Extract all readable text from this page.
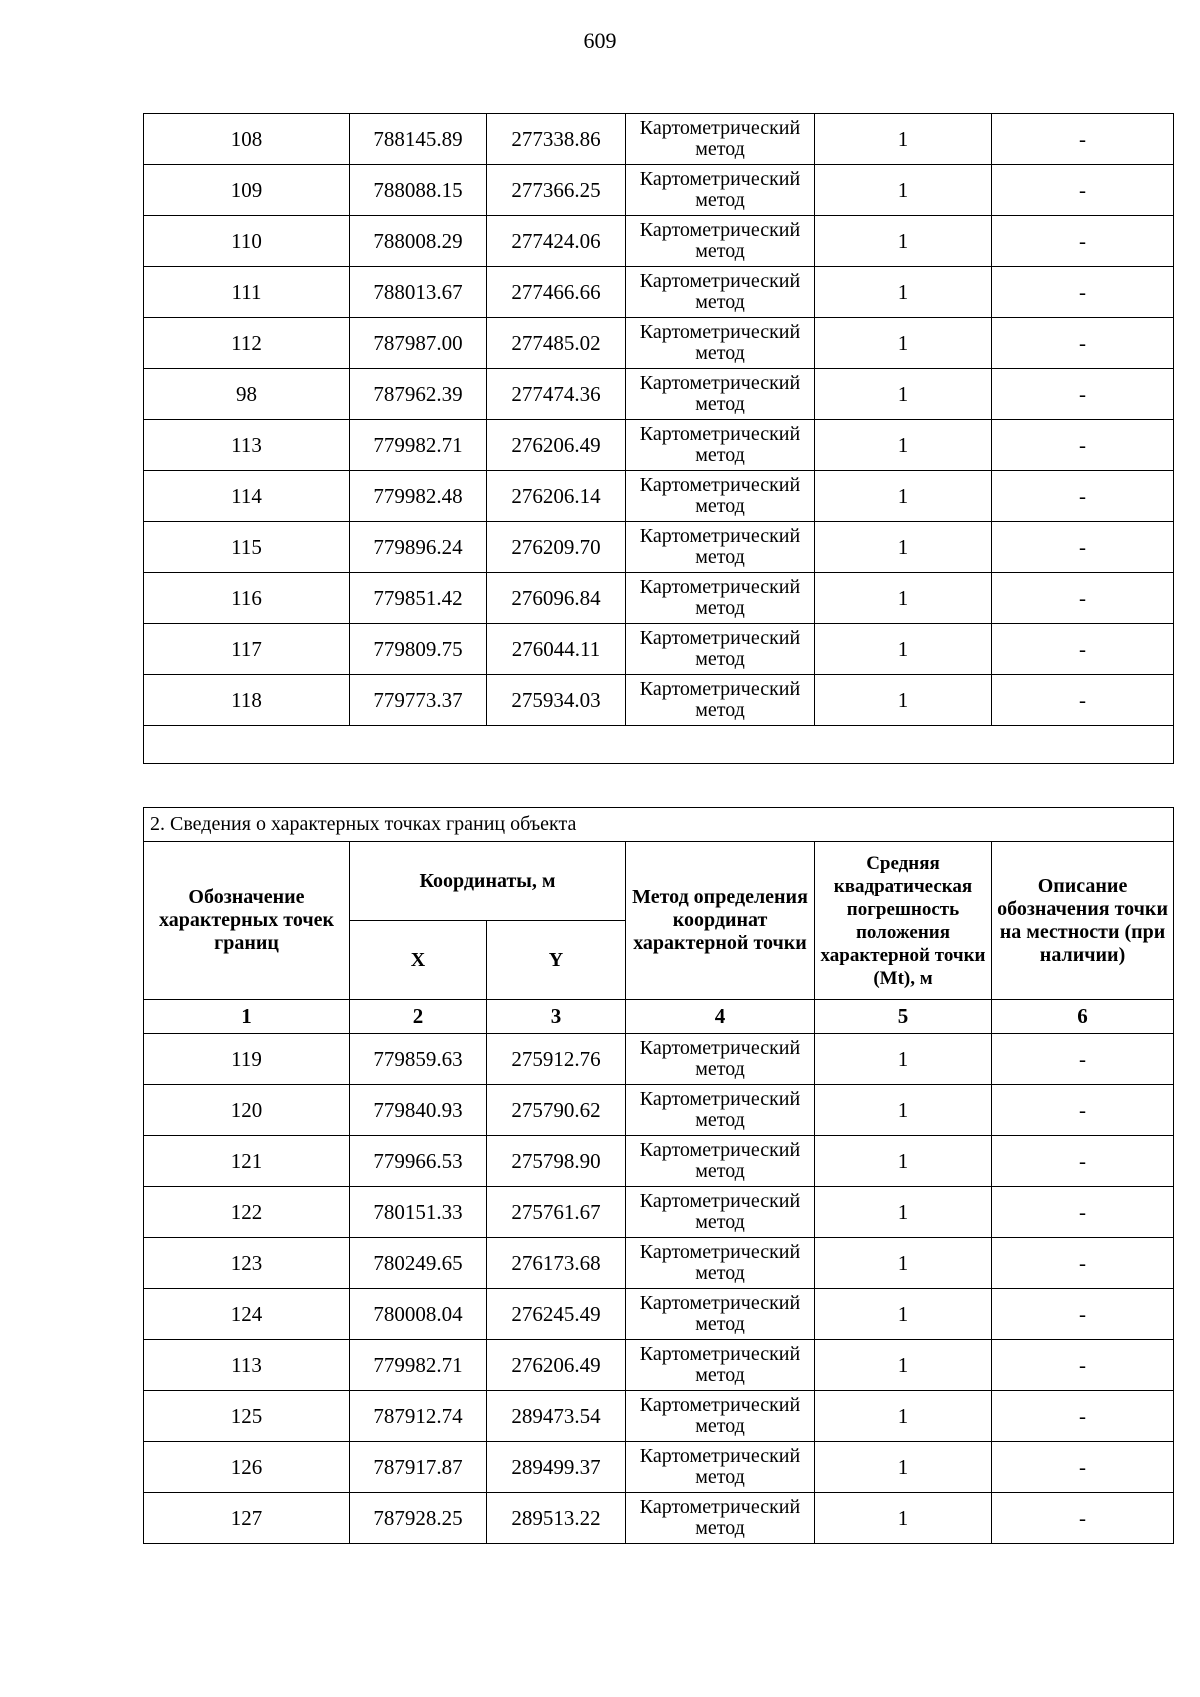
609
108	788145.89	277338.86	Картометрический метод	1	-
109	788088.15	277366.25	Картометрический метод	1	-
110	788008.29	277424.06	Картометрический метод	1	-
111	788013.67	277466.66	Картометрический метод	1	-
112	787987.00	277485.02	Картометрический метод	1	-
98	787962.39	277474.36	Картометрический метод	1	-
113	779982.71	276206.49	Картометрический метод	1	-
114	779982.48	276206.14	Картометрический метод	1	-
115	779896.24	276209.70	Картометрический метод	1	-
116	779851.42	276096.84	Картометрический метод	1	-
117	779809.75	276044.11	Картометрический метод	1	-
118	779773.37	275934.03	Картометрический метод	1	-

2. Сведения о характерных точках границ объекта					
Обозначение характерных точек границ	Координаты, м		Метод определения координат характерной точки	Средняя квадратическая погрешность положения характерной точки (Mt), м	Описание обозначения точки на местности (при наличии)
	X	Y			
1	2	3	4	5	6
119	779859.63	275912.76	Картометрический метод	1	-
120	779840.93	275790.62	Картометрический метод	1	-
121	779966.53	275798.90	Картометрический метод	1	-
122	780151.33	275761.67	Картометрический метод	1	-
123	780249.65	276173.68	Картометрический метод	1	-
124	780008.04	276245.49	Картометрический метод	1	-
113	779982.71	276206.49	Картометрический метод	1	-
125	787912.74	289473.54	Картометрический метод	1	-
126	787917.87	289499.37	Картометрический метод	1	-
127	787928.25	289513.22	Картометрический метод	1	-
